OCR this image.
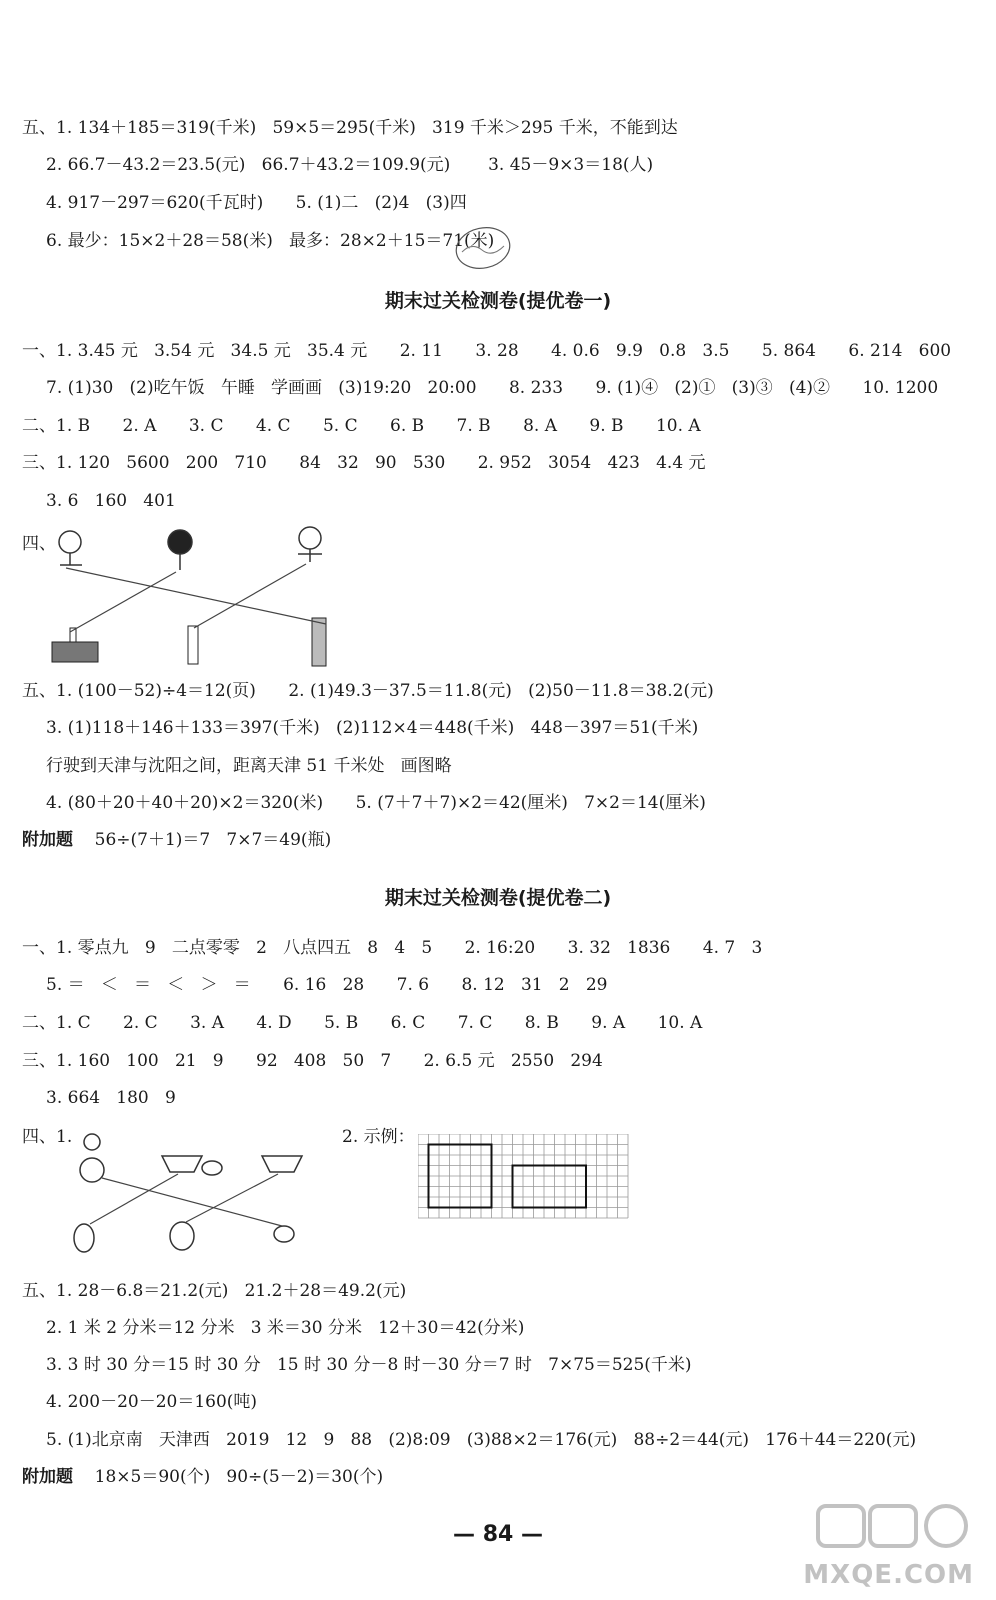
五、1. 134＋185＝319(千米)   59×5＝295(千米)   319 千米＞295 千米，不能到达
2. 66.7－43.2＝23.5(元)   66.7＋43.2＝109.9(元)       3. 45－9×3＝18(人)
4. 917－297＝620(千瓦时)      5. (1)二   (2)4   (3)四
6. 最少：15×2＋28＝58(米)   最多：28×2＋15＝71(米)
期末过关检测卷(提优卷一)
一、1. 3.45 元   3.54 元   34.5 元   35.4 元      2. 11      3. 28      4. 0.6   9.9   0.8   3.5      5. 864      6. 214   600
7. (1)30   (2)吃午饭   午睡   学画画   (3)19:20   20:00      8. 233      9. (1)④   (2)①   (3)③   (4)②      10. 1200
二、1. B      2. A      3. C      4. C      5. C      6. B      7. B      8. A      9. B      10. A
三、1. 120   5600   200   710      84   32   90   530      2. 952   3054   423   4.4 元
3. 6   160   401
四、
五、1. (100－52)÷4＝12(页)      2. (1)49.3－37.5＝11.8(元)   (2)50－11.8＝38.2(元)
3. (1)118＋146＋133＝397(千米)   (2)112×4＝448(千米)   448－397＝51(千米)
行驶到天津与沈阳之间，距离天津 51 千米处   画图略
4. (80＋20＋40＋20)×2＝320(米)      5. (7＋7＋7)×2＝42(厘米)   7×2＝14(厘米)
附加题 56÷(7＋1)＝7   7×7＝49(瓶)
期末过关检测卷(提优卷二)
一、1. 零点九   9   二点零零   2   八点四五   8   4   5      2. 16:20      3. 32   1836      4. 7   3
5. ＝   ＜   ＝   ＜   ＞   ＝      6. 16   28      7. 6      8. 12   31   2   29
二、1. C      2. C      3. A      4. D      5. B      6. C      7. C      8. B      9. A      10. A
三、1. 160   100   21   9      92   408   50   7      2. 6.5 元   2550   294
3. 664   180   9
四、1.	2. 示例：
五、1. 28－6.8＝21.2(元)   21.2＋28＝49.2(元)
2. 1 米 2 分米＝12 分米   3 米＝30 分米   12＋30＝42(分米)
3. 3 时 30 分＝15 时 30 分   15 时 30 分－8 时－30 分＝7 时   7×75＝525(千米)
4. 200－20－20＝160(吨)
5. (1)北京南   天津西   2019   12   9   88   (2)8:09   (3)88×2＝176(元)   88÷2＝44(元)   176＋44＝220(元)
附加题 18×5＝90(个)   90÷(5－2)＝30(个)
— 84 —
MXQE.COM
